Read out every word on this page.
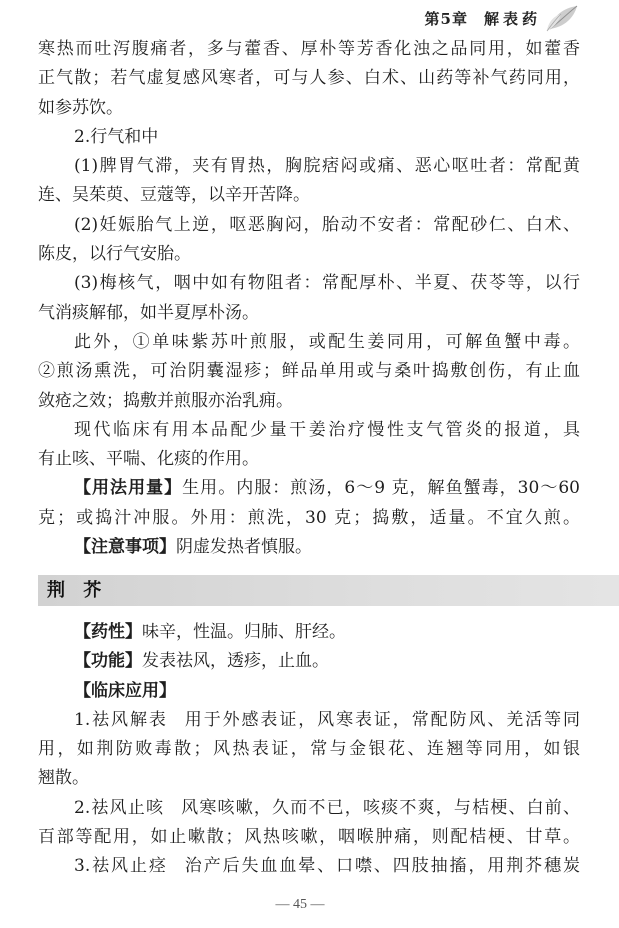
第5章 解表药
寒热而吐泻腹痛者，多与藿香、厚朴等芳香化浊之品同用，如藿香
正气散；若气虚复感风寒者，可与人参、白术、山药等补气药同用，
如参苏饮。
2.行气和中
(1)脾胃气滞，夹有胃热，胸脘痞闷或痛、恶心呕吐者：常配黄
连、吴茱萸、豆蔻等，以辛开苦降。
(2)妊娠胎气上逆，呕恶胸闷，胎动不安者：常配砂仁、白术、
陈皮，以行气安胎。
(3)梅核气，咽中如有物阻者：常配厚朴、半夏、茯苓等，以行
气消痰解郁，如半夏厚朴汤。
此外，①单味紫苏叶煎服，或配生姜同用，可解鱼蟹中毒。
②煎汤熏洗，可治阴囊湿疹；鲜品单用或与桑叶捣敷创伤，有止血
敛疮之效；捣敷并煎服亦治乳痈。
现代临床有用本品配少量干姜治疗慢性支气管炎的报道，具
有止咳、平喘、化痰的作用。
【用法用量】生用。内服：煎汤，6～9 克，解鱼蟹毒，30～60
克；或捣汁冲服。外用：煎洗，30 克；捣敷，适量。不宜久煎。
【注意事项】阴虚发热者慎服。
荆 芥
【药性】味辛，性温。归肺、肝经。
【功能】发表祛风，透疹，止血。
【临床应用】
1.祛风解表 用于外感表证，风寒表证，常配防风、羌活等同
用，如荆防败毒散；风热表证，常与金银花、连翘等同用，如银
翘散。
2.祛风止咳 风寒咳嗽，久而不已，咳痰不爽，与桔梗、白前、
百部等配用，如止嗽散；风热咳嗽，咽喉肿痛，则配桔梗、甘草。
3.祛风止痉 治产后失血血晕、口噤、四肢抽搐，用荆芥穗炭
— 45 —
